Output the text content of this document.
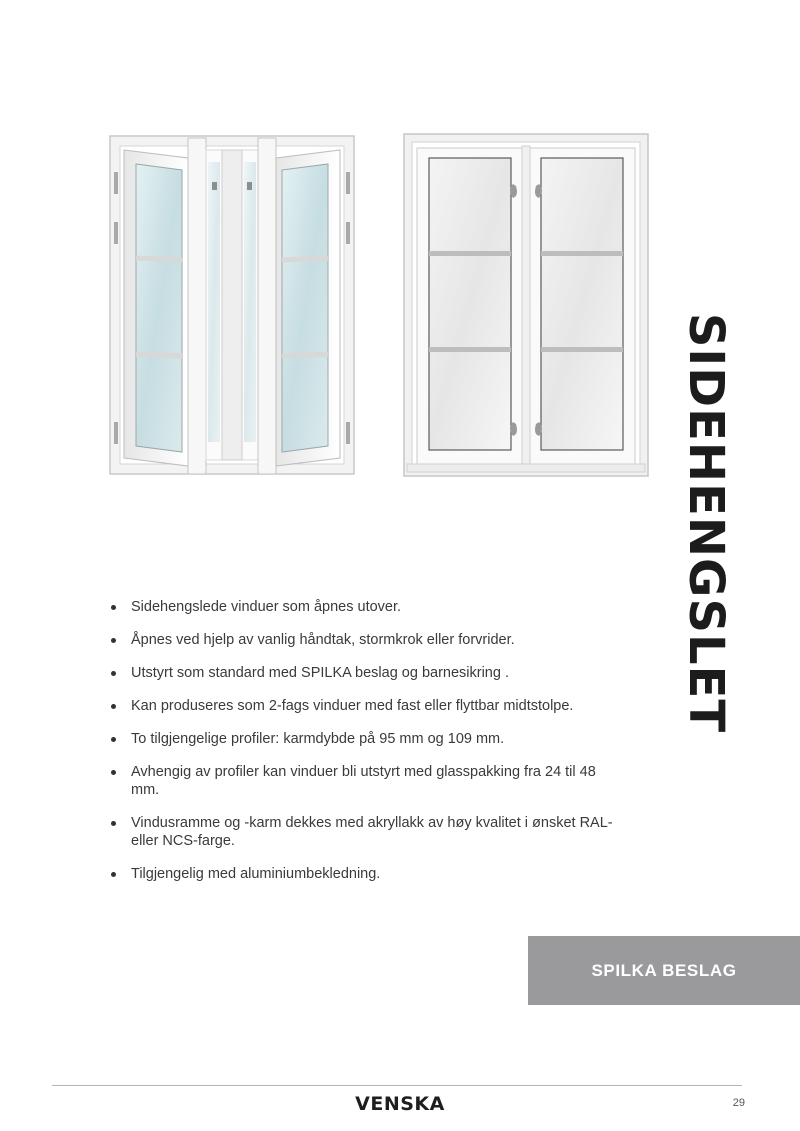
SIDEHENGSLET
Sidehengslede vinduer som åpnes utover.
Åpnes ved hjelp av vanlig håndtak, stormkrok eller forvrider.
Utstyrt som standard med SPILKA beslag og barnesikring .
Kan produseres som 2-fags vinduer med fast eller flyttbar midtstolpe.
To tilgjengelige profiler: karmdybde på 95 mm og 109 mm.
Avhengig av profiler kan vinduer bli utstyrt med glasspakking fra 24 til 48 mm.
Vindusramme og -karm dekkes med akryllakk av høy kvalitet i ønsket RAL- eller NCS-farge.
Tilgjengelig med aluminiumbekledning.
SPILKA BESLAG
VENSKA	29
